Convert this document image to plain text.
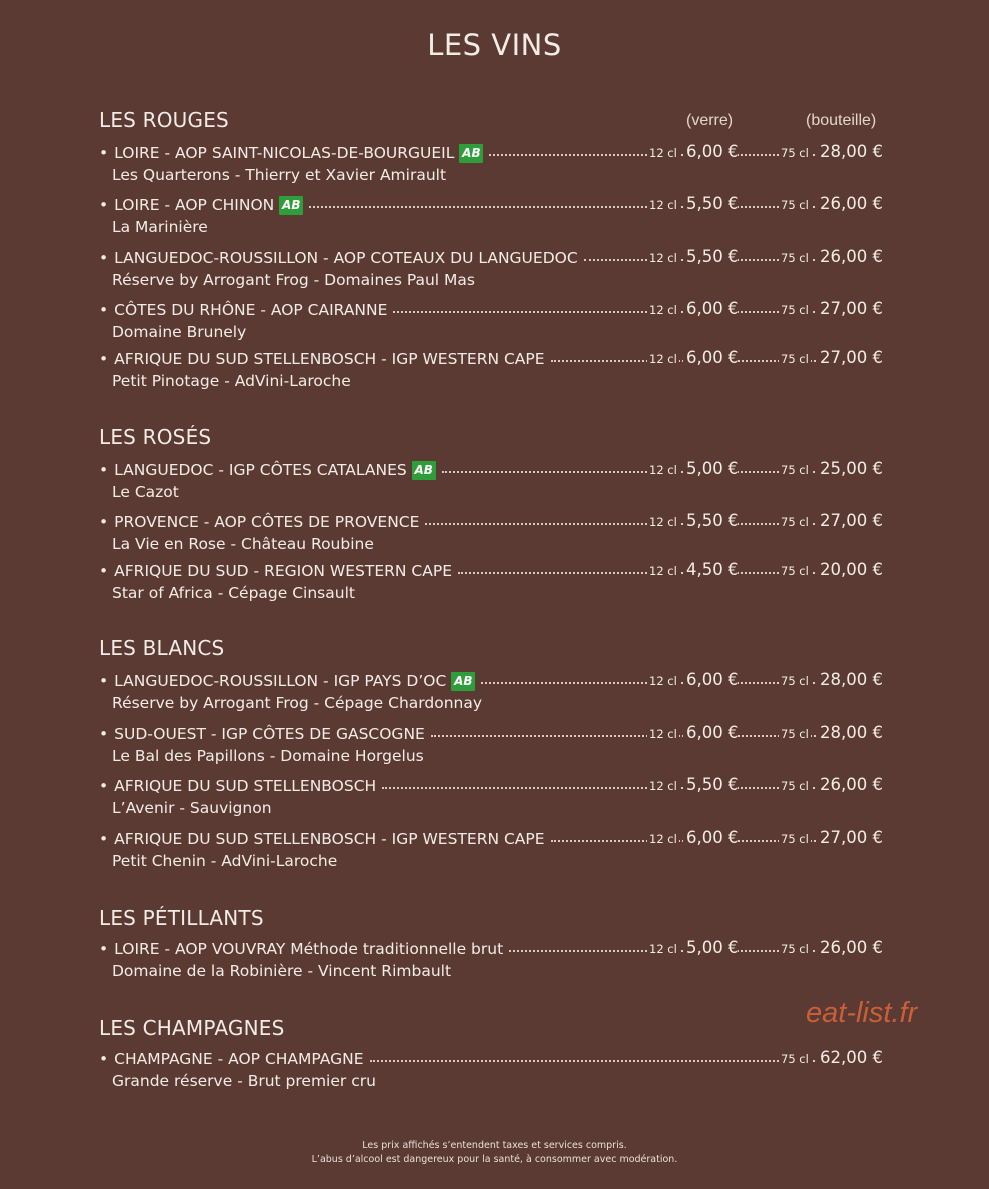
LES VINS
(verre)	(bouteille)
LES ROUGES
• LOIRE - AOP SAINT-NICOLAS-DE-BOURGUEIL AB	12 cl 6,00 €	75 cl 28,00 €
Les Quarterons - Thierry et Xavier Amirault
• LOIRE - AOP CHINON AB	12 cl 5,50 €	75 cl 26,00 €
La Marinière
• LANGUEDOC-ROUSSILLON - AOP COTEAUX DU LANGUEDOC	12 cl 5,50 €	75 cl 26,00 €
Réserve by Arrogant Frog - Domaines Paul Mas
• CÔTES DU RHÔNE - AOP CAIRANNE	12 cl 6,00 €	75 cl 27,00 €
Domaine Brunely
• AFRIQUE DU SUD STELLENBOSCH - IGP WESTERN CAPE	12 cl 6,00 €	75 cl 27,00 €
Petit Pinotage - AdVini-Laroche
LES ROSÉS
• LANGUEDOC - IGP CÔTES CATALANES AB	12 cl 5,00 €	75 cl 25,00 €
Le Cazot
• PROVENCE - AOP CÔTES DE PROVENCE	12 cl 5,50 €	75 cl 27,00 €
La Vie en Rose - Château Roubine
• AFRIQUE DU SUD - REGION WESTERN CAPE	12 cl 4,50 €	75 cl 20,00 €
Star of Africa - Cépage Cinsault
LES BLANCS
• LANGUEDOC-ROUSSILLON - IGP PAYS D’OC AB	12 cl 6,00 €	75 cl 28,00 €
Réserve by Arrogant Frog - Cépage Chardonnay
• SUD-OUEST - IGP CÔTES DE GASCOGNE	12 cl 6,00 €	75 cl 28,00 €
Le Bal des Papillons - Domaine Horgelus
• AFRIQUE DU SUD STELLENBOSCH	12 cl 5,50 €	75 cl 26,00 €
L’Avenir - Sauvignon
• AFRIQUE DU SUD STELLENBOSCH - IGP WESTERN CAPE	12 cl 6,00 €	75 cl 27,00 €
Petit Chenin - AdVini-Laroche
LES PÉTILLANTS
• LOIRE - AOP VOUVRAY Méthode traditionnelle brut	12 cl 5,00 €	75 cl 26,00 €
Domaine de la Robinière - Vincent Rimbault
LES CHAMPAGNES
• CHAMPAGNE - AOP CHAMPAGNE	75 cl 62,00 €
Grande réserve - Brut premier cru
eat-list.fr
Les prix affichés s’entendent taxes et services compris.
L’abus d’alcool est dangereux pour la santé, à consommer avec modération.
